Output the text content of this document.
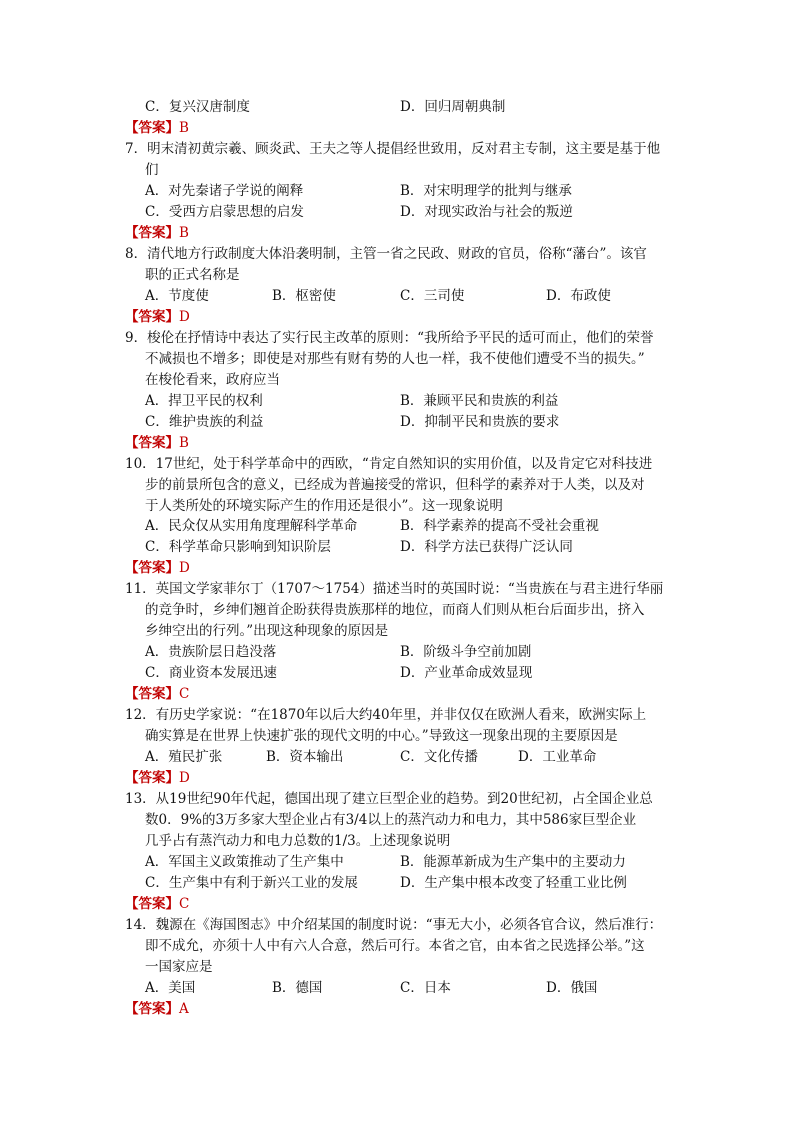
C．复兴汉唐制度	D．回归周朝典制
【答案】B
7．明末清初黄宗羲、顾炎武、王夫之等人提倡经世致用，反对君主专制，这主要是基于他
们
A．对先秦诸子学说的阐释	B．对宋明理学的批判与继承
C．受西方启蒙思想的启发	D．对现实政治与社会的叛逆
【答案】B
8．清代地方行政制度大体沿袭明制，主管一省之民政、财政的官员，俗称“藩台”。该官
职的正式名称是
A．节度使	B．枢密使	C．三司使	D．布政使
【答案】D
9．梭伦在抒情诗中表达了实行民主改革的原则：“我所给予平民的适可而止，他们的荣誉
不减损也不增多；即使是对那些有财有势的人也一样，我不使他们遭受不当的损失。”
在梭伦看来，政府应当
A．捍卫平民的权利	B．兼顾平民和贵族的利益
C．维护贵族的利益	D．抑制平民和贵族的要求
【答案】B
10．17世纪，处于科学革命中的西欧，“肯定自然知识的实用价值，以及肯定它对科技进
步的前景所包含的意义，已经成为普遍接受的常识，但科学的素养对于人类，以及对
于人类所处的环境实际产生的作用还是很小”。这一现象说明
A．民众仅从实用角度理解科学革命	B．科学素养的提高不受社会重视
C．科学革命只影响到知识阶层	D．科学方法已获得广泛认同
【答案】D
11．英国文学家菲尔丁（1707～1754）描述当时的英国时说：“当贵族在与君主进行华丽
的竞争时，乡绅们翘首企盼获得贵族那样的地位，而商人们则从柜台后面步出，挤入
乡绅空出的行列。”出现这种现象的原因是
A．贵族阶层日趋没落	B．阶级斗争空前加剧
C．商业资本发展迅速	D．产业革命成效显现
【答案】C
12．有历史学家说：“在1870年以后大约40年里，并非仅仅在欧洲人看来，欧洲实际上
确实算是在世界上快速扩张的现代文明的中心。”导致这一现象出现的主要原因是
A．殖民扩张	B．资本输出	C．文化传播	D．工业革命
【答案】D
13．从19世纪90年代起，德国出现了建立巨型企业的趋势。到20世纪初，占全国企业总
数0．9%的3万多家大型企业占有3/4以上的蒸汽动力和电力，其中586家巨型企业
几乎占有蒸汽动力和电力总数的1/3。上述现象说明
A．军国主义政策推动了生产集中	B．能源革新成为生产集中的主要动力
C．生产集中有利于新兴工业的发展	D．生产集中根本改变了轻重工业比例
【答案】C
14．魏源在《海国图志》中介绍某国的制度时说：“事无大小，必须各官合议，然后准行：
即不成允，亦须十人中有六人合意，然后可行。本省之官，由本省之民选择公举。”这
一国家应是
A．美国	B．德国	C．日本	D．俄国
【答案】A
